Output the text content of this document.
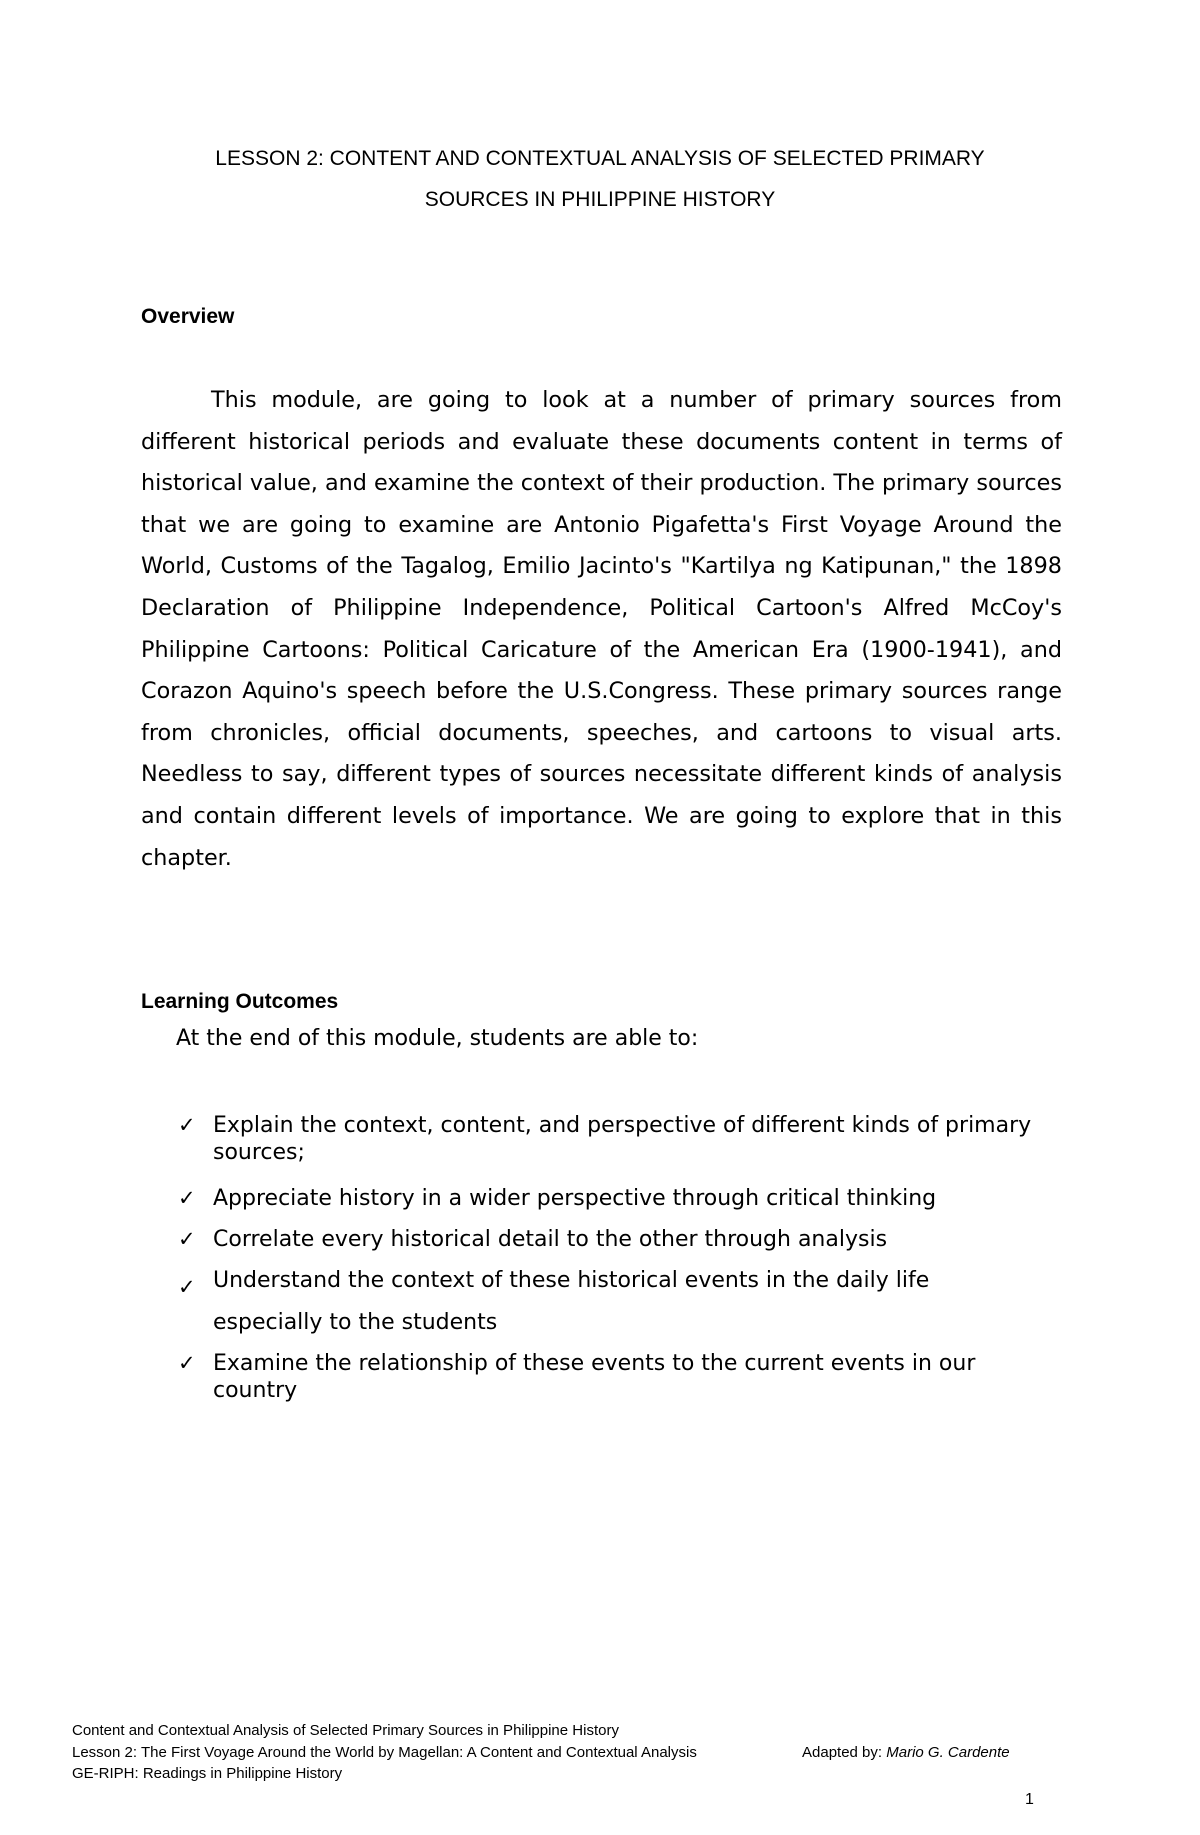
LESSON 2: CONTENT AND CONTEXTUAL ANALYSIS OF SELECTED PRIMARY
SOURCES IN PHILIPPINE HISTORY
Overview

This module, are going to look at a number of primary sources from different historical periods and evaluate these documents content in terms of historical value, and examine the context of their production. The primary sources that we are going to examine are Antonio Pigafetta's First Voyage Around the World, Customs of the Tagalog, Emilio Jacinto's "Kartilya ng Katipunan," the 1898 Declaration of Philippine Independence, Political Cartoon's Alfred McCoy's Philippine Cartoons: Political Caricature of the American Era (1900-1941), and Corazon Aquino's speech before the U.S.Congress. These primary sources range from chronicles, official documents, speeches, and cartoons to visual arts. Needless to say, different types of sources necessitate different kinds of analysis and contain different levels of importance. We are going to explore that in this chapter.

Learning Outcomes

At the end of this module, students are able to:

✓ Explain the context, content, and perspective of different kinds of primary sources;
✓ Appreciate history in a wider perspective through critical thinking
✓ Correlate every historical detail to the other through analysis
✓ Understand the context of these historical events in the daily life especially to the students
✓ Examine the relationship of these events to the current events in our country
Content and Contextual Analysis of Selected Primary Sources in Philippine History
Lesson 2: The First Voyage Around the World by Magellan: A Content and Contextual Analysis GE-RIPH: Readings in Philippine History
Adapted by: Mario G. Cardente
1
